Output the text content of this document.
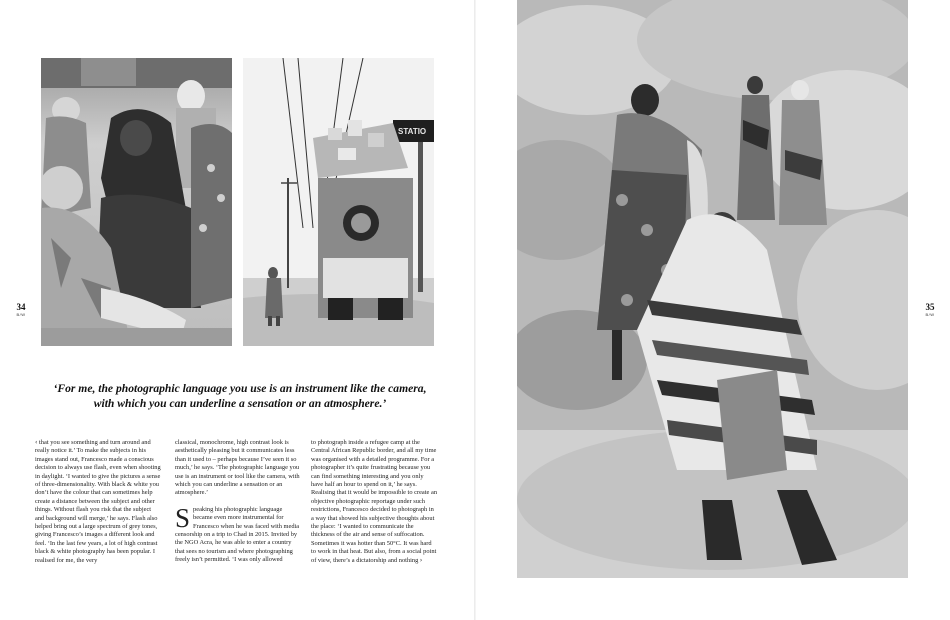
STATIO
34
B/W
35
B/W
‘For me, the photographic language you use is an instrument like the camera,
with which you can underline a sensation or an atmosphere.’

‹ that you see something and turn around and really notice it.’ To make the subjects in his images stand out, Francesco made a conscious decision to always use flash, even when shooting in daylight. ‘I wanted to give the pictures a sense of three-dimensionality. With black & white you don’t have the colour that can sometimes help create a distance between the subject and other things. Without flash you risk that the subject and background will merge,’ he says. Flash also helped bring out a large spectrum of grey tones, giving Francesco’s images a different look and feel. ‘In the last few years, a lot of high contrast black & white photography has been popular. I realised for me, the very

classical, monochrome, high contrast look is aesthetically pleasing but it communicates less than it used to – perhaps because I’ve seen it so much,’ he says. ‘The photographic language you use is an instrument or tool like the camera, with which you can underline a sensation or an atmosphere.’

Speaking his photographic language became even more instrumental for Francesco when he was faced with media censorship on a trip to Chad in 2015. Invited by the NGO Acra, he was able to enter a country that sees no tourism and where photographing freely isn’t permitted. ‘I was only allowed

to photograph inside a refugee camp at the Central African Republic border, and all my time was organised with a detailed programme. For a photographer it’s quite frustrating because you can find something interesting and you only have half an hour to spend on it,’ he says. Realising that it would be impossible to create an objective photographic reportage under such restrictions, Francesco decided to photograph in a way that showed his subjective thoughts about the place: ‘I wanted to communicate the thickness of the air and sense of suffocation. Sometimes it was hotter than 50°C. It was hard to work in that heat. But also, from a social point of view, there’s a dictatorship and nothing ›
